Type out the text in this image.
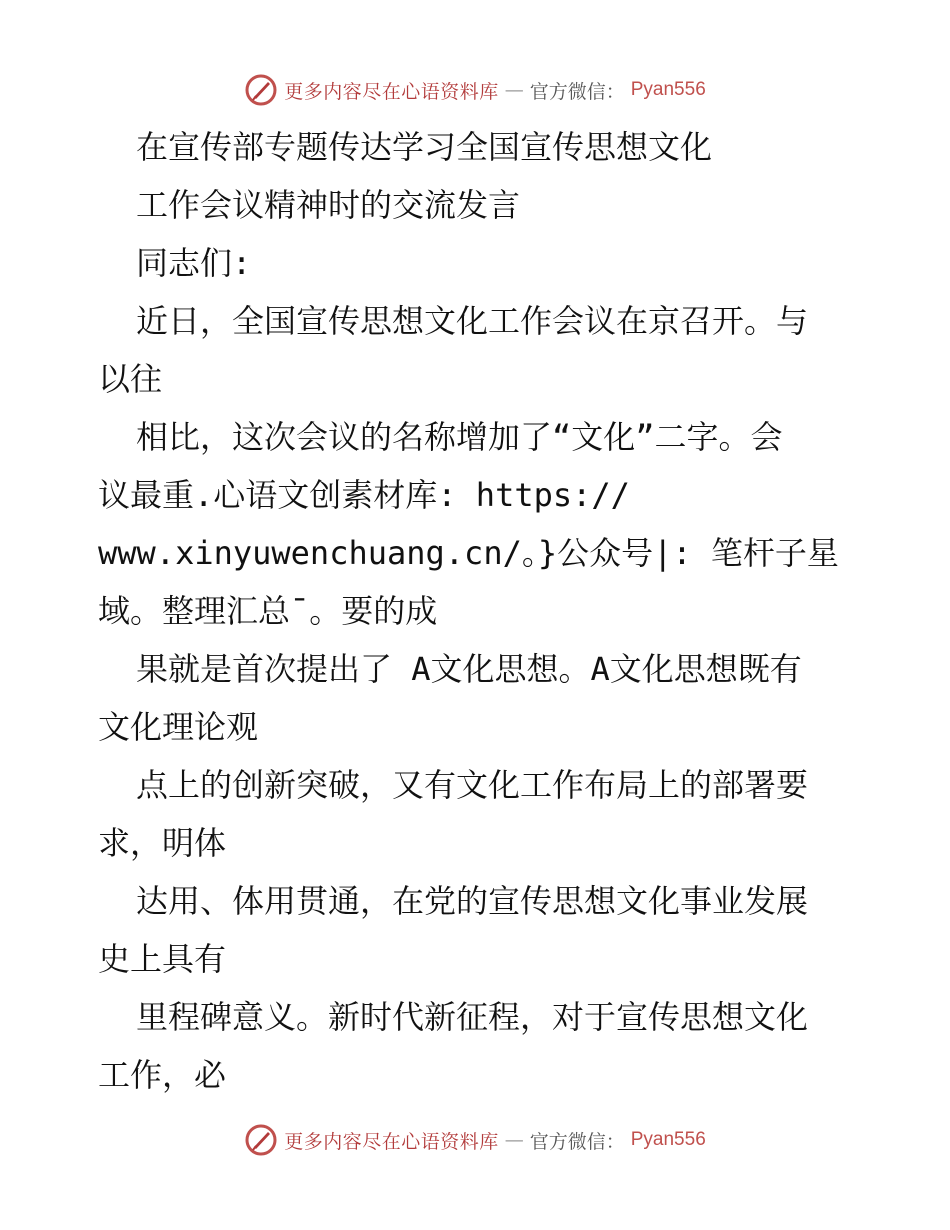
更多内容尽在心语资料库 — 官方微信： Pyan556
在宣传部专题传达学习全国宣传思想文化
工作会议精神时的交流发言
同志们:
近日，全国宣传思想文化工作会议在京召开。与
以往
相比，这次会议的名称增加了“文化”二字。会
议最重.心语文创素材库: https://
www.xinyuwenchuang.cn/。}公众号|: 笔杆子星
域。整理汇总¯。要的成
果就是首次提出了 A文化思想。A文化思想既有
文化理论观
点上的创新突破，又有文化工作布局上的部署要
求，明体
达用、体用贯通，在党的宣传思想文化事业发展
史上具有
里程碑意义。新时代新征程，对于宣传思想文化
工作，必
更多内容尽在心语资料库 — 官方微信： Pyan556
